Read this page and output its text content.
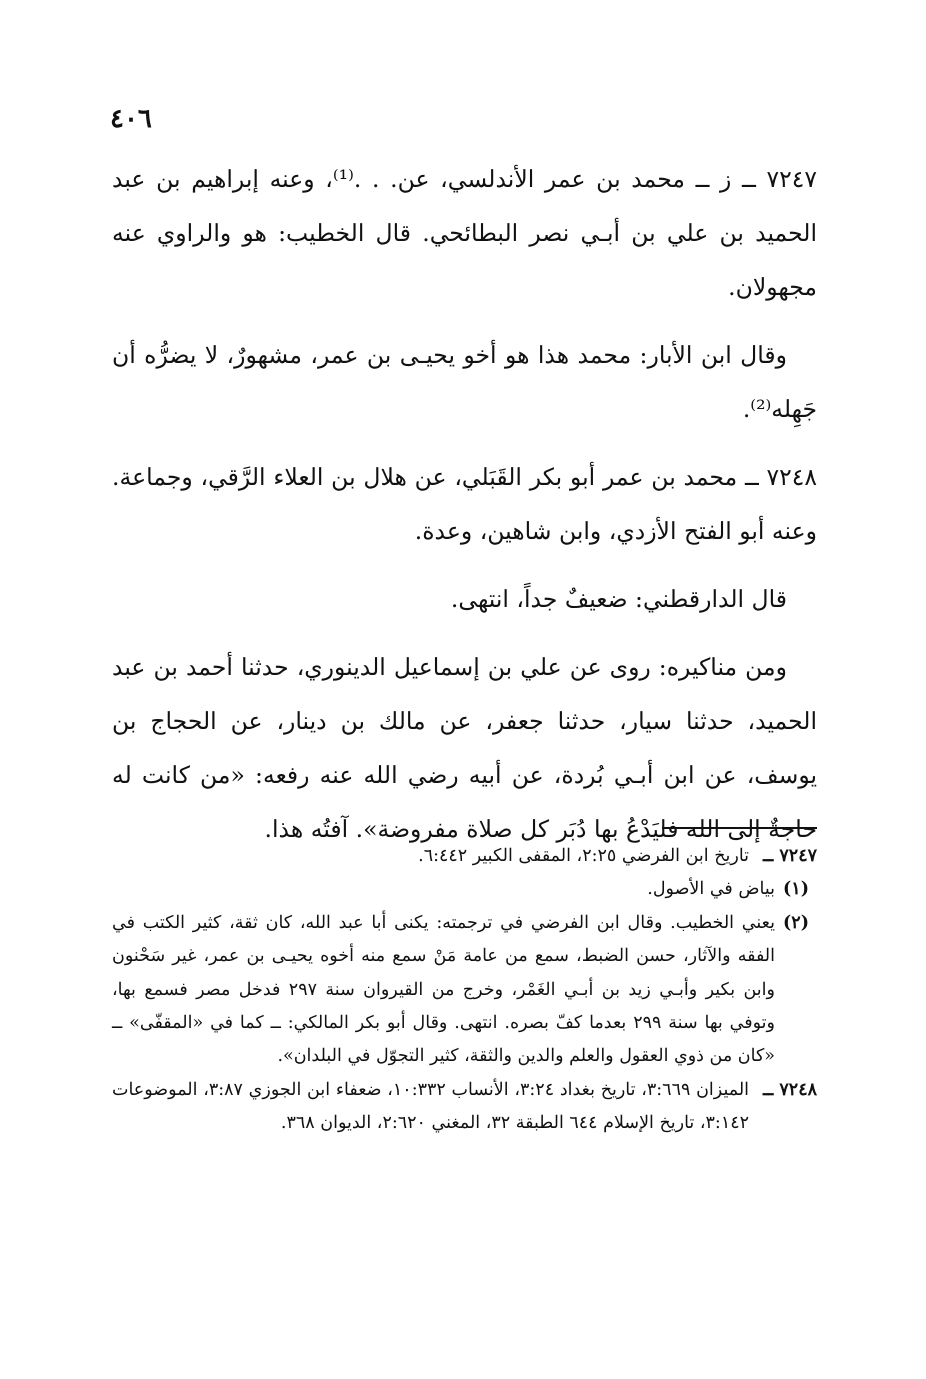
٤٠٦

٧٢٤٧ ــ ز ــ محمد بن عمر الأندلسي، عن. . .⁽¹⁾، وعنه إبراهيم بن عبد الحميد بن علي بن أبـي نصر البطائحي. قال الخطيب: هو والراوي عنه مجهولان.

وقال ابن الأبار: محمد هذا هو أخو يحيـى بن عمر، مشهورٌ، لا يضرُّه أن جَهِله⁽²⁾.

٧٢٤٨ ــ محمد بن عمر أبو بكر القَبَلي، عن هلال بن العلاء الرَّقي، وجماعة. وعنه أبو الفتح الأزدي، وابن شاهين، وعدة.

قال الدارقطني: ضعيفٌ جداً، انتهى.

ومن مناكيره: روى عن علي بن إسماعيل الدينوري، حدثنا أحمد بن عبد الحميد، حدثنا سيار، حدثنا جعفر، عن مالك بن دينار، عن الحجاج بن يوسف، عن ابن أبـي بُردة، عن أبيه رضي الله عنه رفعه: «من كانت له حاجةٌ إلى الله فليَدْعُ بها دُبَر كل صلاة مفروضة». آفتُه هذا.

٧٢٤٧ ــ
تاريخ ابن الفرضي ٢:٢٥، المقفى الكبير ٦:٤٤٢.
(١)
بياض في الأصول.
(٢)
يعني الخطيب. وقال ابن الفرضي في ترجمته: يكنى أبا عبد الله، كان ثقة، كثير الكتب في الفقه والآثار، حسن الضبط، سمع من عامة مَنْ سمع منه أخوه يحيـى بن عمر، غير سَحْنون وابن بكير وأبـي زيد بن أبـي الغَمْر، وخرج من القيروان سنة ٢٩٧ فدخل مصر فسمع بها، وتوفي بها سنة ٢٩٩ بعدما كفّ بصره. انتهى. وقال أبو بكر المالكي: ــ كما في «المقفّى» ــ «كان من ذوي العقول والعلم والدين والثقة، كثير التجوّل في البلدان».
٧٢٤٨ ــ
الميزان ٣:٦٦٩، تاريخ بغداد ٣:٢٤، الأنساب ١٠:٣٣٢، ضعفاء ابن الجوزي ٣:٨٧، الموضوعات ٣:١٤٢، تاريخ الإسلام ٦٤٤ الطبقة ٣٢، المغني ٢:٦٢٠، الديوان ٣٦٨.
